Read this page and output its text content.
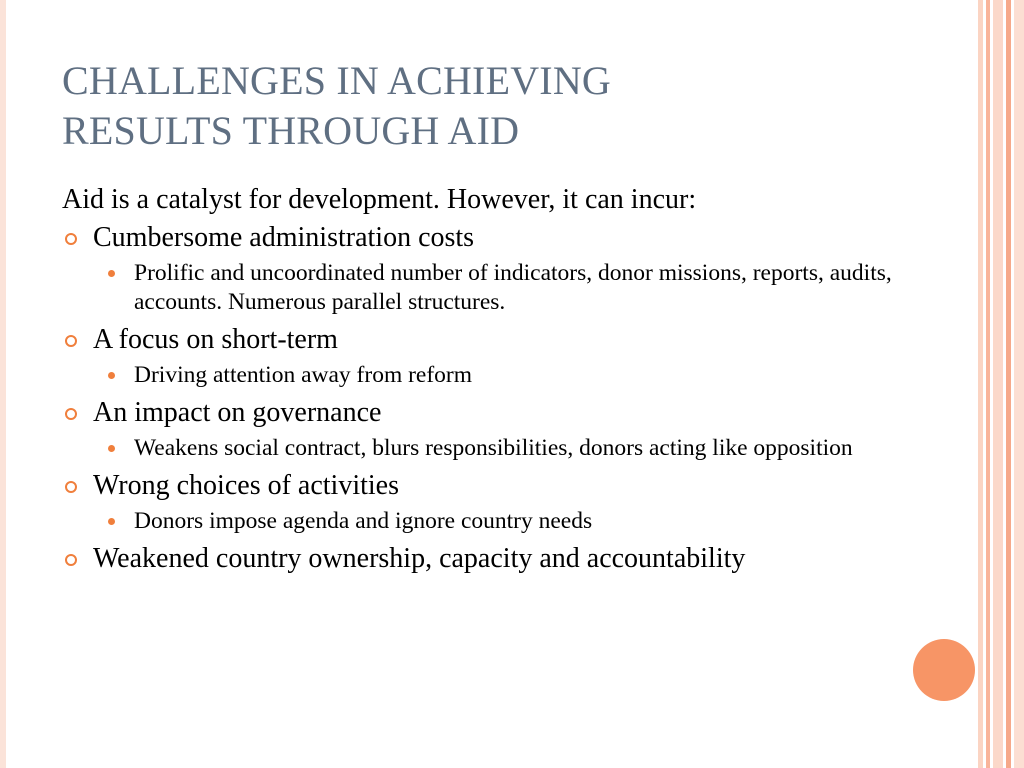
CHALLENGES IN ACHIEVING
RESULTS THROUGH AID

Aid is a catalyst for development. However, it can incur:

Cumbersome administration costs
Prolific and uncoordinated number of indicators, donor missions, reports, audits, accounts. Numerous parallel structures.
A focus on short-term
Driving attention away from reform
An impact on governance
Weakens social contract, blurs responsibilities, donors acting like opposition
Wrong choices of activities
Donors impose agenda and ignore country needs
Weakened country ownership, capacity and accountability
